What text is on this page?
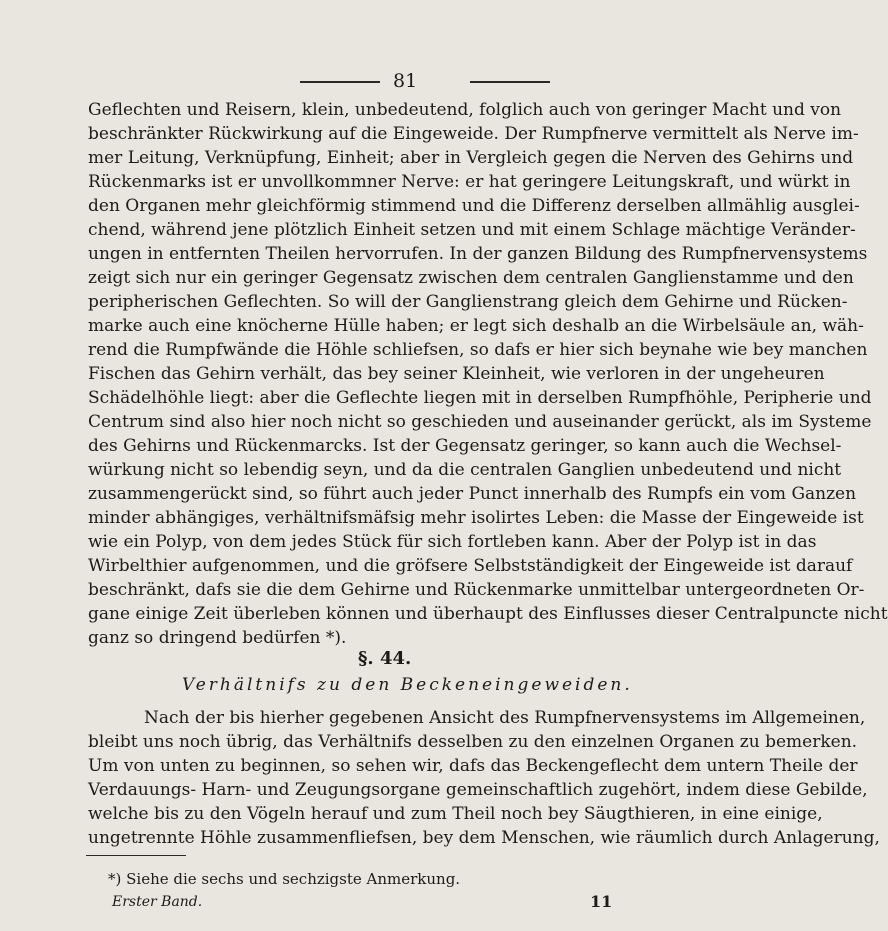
81
Geflechten und Reisern, klein, unbedeutend, folglich auch von geringer Macht und von
beschränkter Rückwirkung auf die Eingeweide. Der Rumpfnerve vermittelt als Nerve im-
mer Leitung, Verknüpfung, Einheit; aber in Vergleich gegen die Nerven des Gehirns und
Rückenmarks ist er unvollkommner Nerve: er hat geringere Leitungskraft, und würkt in
den Organen mehr gleichförmig stimmend und die Differenz derselben allmählig ausglei-
chend, während jene plötzlich Einheit setzen und mit einem Schlage mächtige Veränder-
ungen in entfernten Theilen hervorrufen. In der ganzen Bildung des Rumpfnervensystems
zeigt sich nur ein geringer Gegensatz zwischen dem centralen Ganglienstamme und den
peripherischen Geflechten. So will der Ganglienstrang gleich dem Gehirne und Rücken-
marke auch eine knöcherne Hülle haben; er legt sich deshalb an die Wirbelsäule an, wäh-
rend die Rumpfwände die Höhle schliefsen, so dafs er hier sich beynahe wie bey manchen
Fischen das Gehirn verhält, das bey seiner Kleinheit, wie verloren in der ungeheuren
Schädelhöhle liegt: aber die Geflechte liegen mit in derselben Rumpfhöhle, Peripherie und
Centrum sind also hier noch nicht so geschieden und auseinander gerückt, als im Systeme
des Gehirns und Rückenmarcks. Ist der Gegensatz geringer, so kann auch die Wechsel-
würkung nicht so lebendig seyn, und da die centralen Ganglien unbedeutend und nicht
zusammengerückt sind, so führt auch jeder Punct innerhalb des Rumpfs ein vom Ganzen
minder abhängiges, verhältnifsmäfsig mehr isolirtes Leben: die Masse der Eingeweide ist
wie ein Polyp, von dem jedes Stück für sich fortleben kann. Aber der Polyp ist in das
Wirbelthier aufgenommen, und die gröfsere Selbstständigkeit der Eingeweide ist darauf
beschränkt, dafs sie die dem Gehirne und Rückenmarke unmittelbar untergeordneten Or-
gane einige Zeit überleben können und überhaupt des Einflusses dieser Centralpuncte nicht
ganz so dringend bedürfen *).
Nach der bis hierher gegebenen Ansicht des Rumpfnervensystems im Allgemeinen,
bleibt uns noch übrig, das Verhältnifs desselben zu den einzelnen Organen zu bemerken.
Um von unten zu beginnen, so sehen wir, dafs das Beckengeflecht dem untern Theile der
Verdauungs- Harn- und Zeugungsorgane gemeinschaftlich zugehört, indem diese Gebilde,
welche bis zu den Vögeln herauf und zum Theil noch bey Säugthieren, in eine einige,
ungetrennte Höhle zusammenfliefsen, bey dem Menschen, wie räumlich durch Anlagerung,
§. 44.
Verhältnifs zu den Beckeneingeweiden.
*) Siehe die sechs und sechzigste Anmerkung.
Erster Band.	11
